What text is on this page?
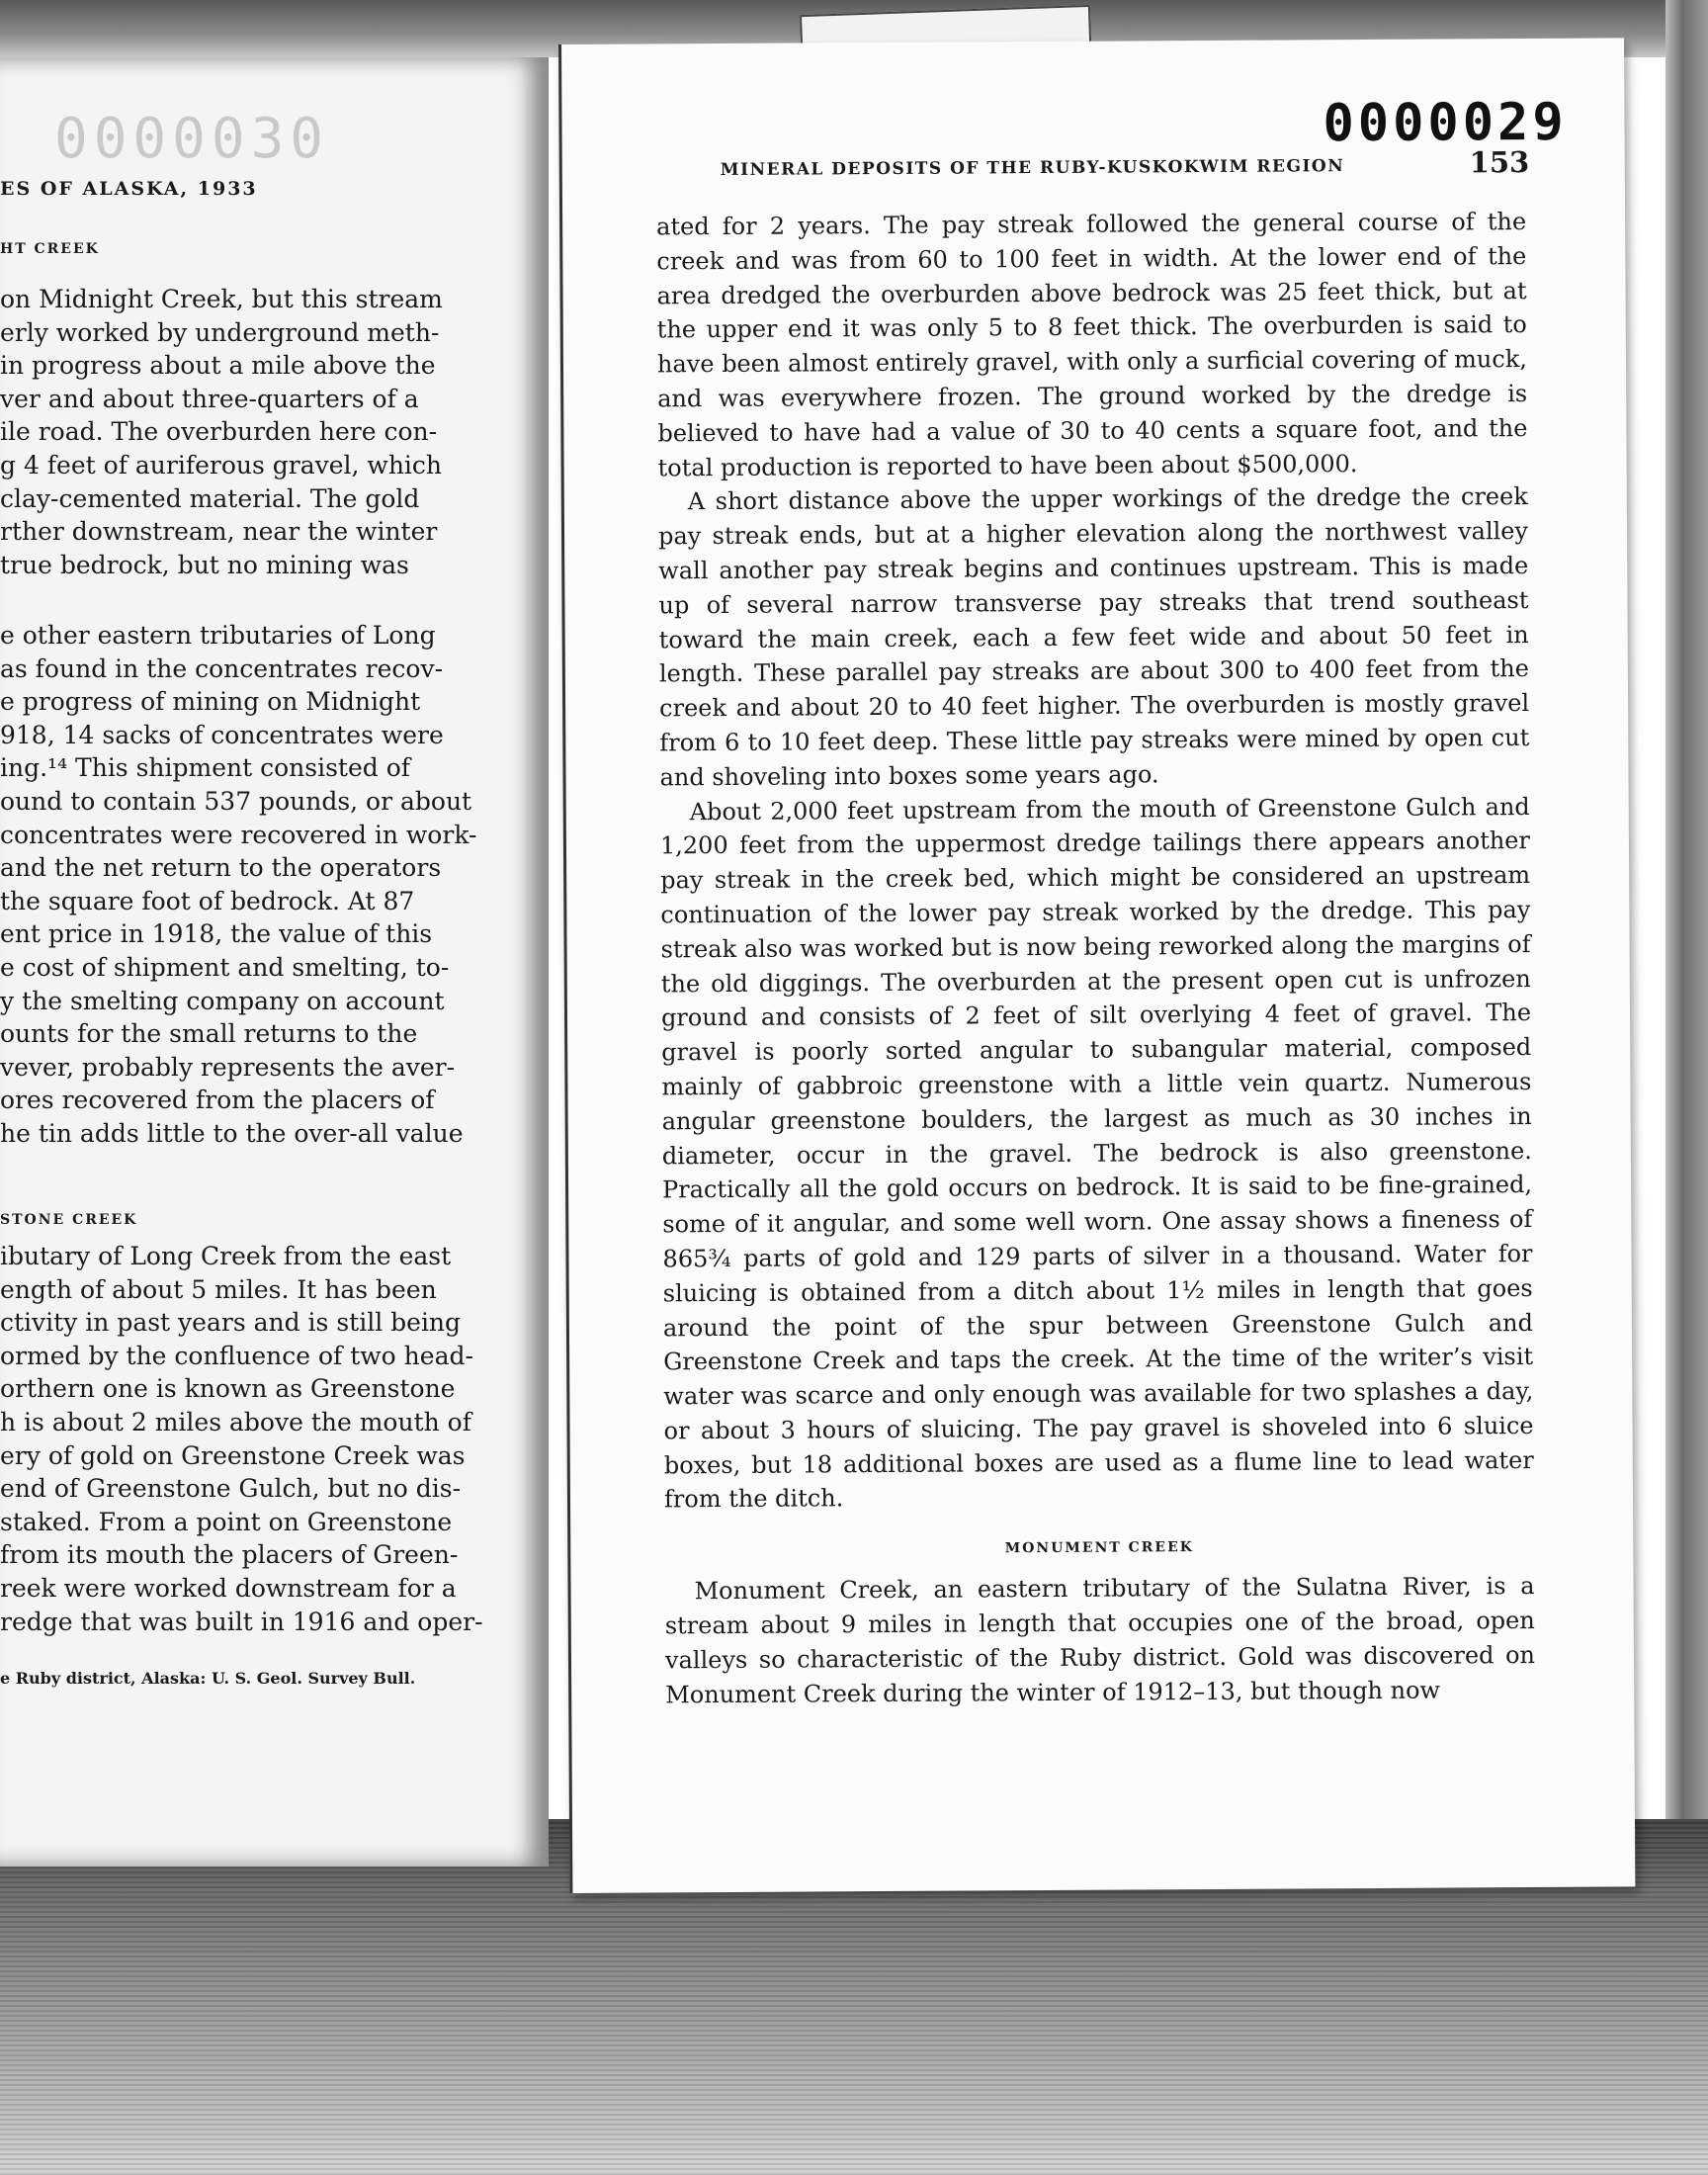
0000030
ES OF ALASKA, 1933
HT CREEK
on Midnight Creek, but this stream
erly worked by underground meth-
in progress about a mile above the
ver and about three-quarters of a
ile road. The overburden here con-
g 4 feet of auriferous gravel, which
clay-cemented material. The gold
rther downstream, near the winter
true bedrock, but no mining was
e other eastern tributaries of Long
as found in the concentrates recov-
e progress of mining on Midnight
918, 14 sacks of concentrates were
ing.¹⁴ This shipment consisted of
ound to contain 537 pounds, or about
concentrates were recovered in work-
and the net return to the operators
the square foot of bedrock. At 87
ent price in 1918, the value of this
e cost of shipment and smelting, to-
y the smelting company on account
ounts for the small returns to the
vever, probably represents the aver-
ores recovered from the placers of
he tin adds little to the over-all value
STONE CREEK
ibutary of Long Creek from the east
ength of about 5 miles. It has been
ctivity in past years and is still being
ormed by the confluence of two head-
orthern one is known as Greenstone
h is about 2 miles above the mouth of
ery of gold on Greenstone Creek was
end of Greenstone Gulch, but no dis-
staked. From a point on Greenstone
from its mouth the placers of Green-
reek were worked downstream for a
redge that was built in 1916 and oper-
e Ruby district, Alaska: U. S. Geol. Survey Bull.
0000029
MINERAL DEPOSITS OF THE RUBY-KUSKOKWIM REGION	153

ated for 2 years. The pay streak followed the general course of the creek and was from 60 to 100 feet in width. At the lower end of the area dredged the overburden above bedrock was 25 feet thick, but at the upper end it was only 5 to 8 feet thick. The overburden is said to have been almost entirely gravel, with only a surficial covering of muck, and was everywhere frozen. The ground worked by the dredge is believed to have had a value of 30 to 40 cents a square foot, and the total production is reported to have been about $500,000.

A short distance above the upper workings of the dredge the creek pay streak ends, but at a higher elevation along the northwest valley wall another pay streak begins and continues upstream. This is made up of several narrow transverse pay streaks that trend southeast toward the main creek, each a few feet wide and about 50 feet in length. These parallel pay streaks are about 300 to 400 feet from the creek and about 20 to 40 feet higher. The overburden is mostly gravel from 6 to 10 feet deep. These little pay streaks were mined by open cut and shoveling into boxes some years ago.

About 2,000 feet upstream from the mouth of Greenstone Gulch and 1,200 feet from the uppermost dredge tailings there appears another pay streak in the creek bed, which might be considered an upstream continuation of the lower pay streak worked by the dredge. This pay streak also was worked but is now being reworked along the margins of the old diggings. The overburden at the present open cut is unfrozen ground and consists of 2 feet of silt overlying 4 feet of gravel. The gravel is poorly sorted angular to subangular material, composed mainly of gabbroic greenstone with a little vein quartz. Numerous angular greenstone boulders, the largest as much as 30 inches in diameter, occur in the gravel. The bedrock is also greenstone. Practically all the gold occurs on bedrock. It is said to be fine-grained, some of it angular, and some well worn. One assay shows a fineness of 865¾ parts of gold and 129 parts of silver in a thousand. Water for sluicing is obtained from a ditch about 1½ miles in length that goes around the point of the spur between Greenstone Gulch and Greenstone Creek and taps the creek. At the time of the writer’s visit water was scarce and only enough was available for two splashes a day, or about 3 hours of sluicing. The pay gravel is shoveled into 6 sluice boxes, but 18 additional boxes are used as a flume line to lead water from the ditch.

MONUMENT CREEK

Monument Creek, an eastern tributary of the Sulatna River, is a stream about 9 miles in length that occupies one of the broad, open valleys so characteristic of the Ruby district. Gold was discovered on Monument Creek during the winter of 1912–13, but though now
